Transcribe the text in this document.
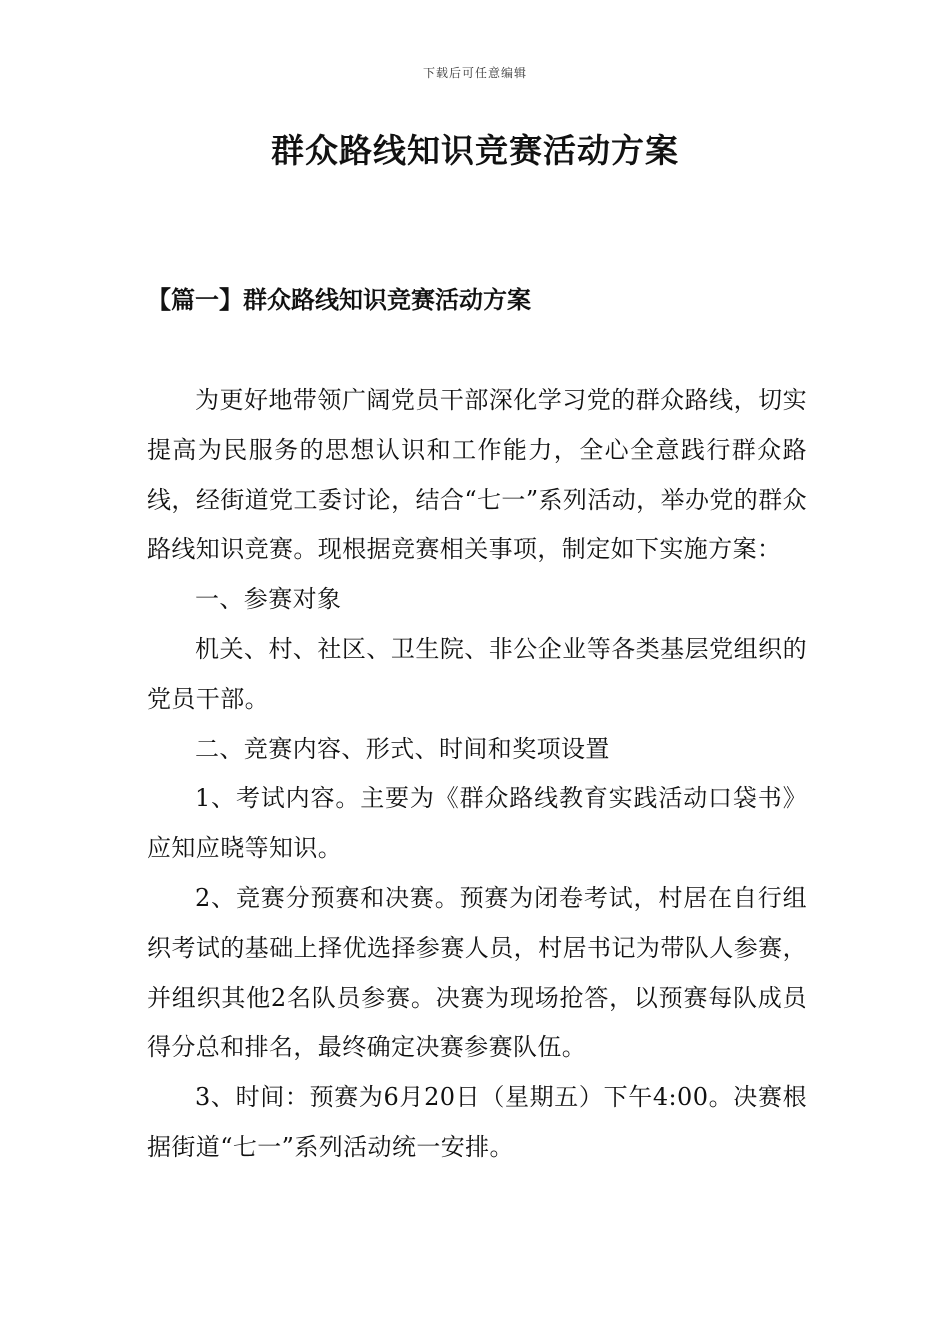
下载后可任意编辑
群众路线知识竞赛活动方案
【篇一】群众路线知识竞赛活动方案

为更好地带领广阔党员干部深化学习党的群众路线，切实提高为民服务的思想认识和工作能力，全心全意践行群众路线，经街道党工委讨论，结合“七一”系列活动，举办党的群众路线知识竞赛。现根据竞赛相关事项，制定如下实施方案：

一、参赛对象

机关、村、社区、卫生院、非公企业等各类基层党组织的党员干部。

二、竞赛内容、形式、时间和奖项设置

1、考试内容。主要为《群众路线教育实践活动口袋书》应知应晓等知识。

2、竞赛分预赛和决赛。预赛为闭卷考试，村居在自行组织考试的基础上择优选择参赛人员，村居书记为带队人参赛，并组织其他2名队员参赛。决赛为现场抢答，以预赛每队成员得分总和排名，最终确定决赛参赛队伍。

3、时间：预赛为6月20日（星期五）下午4:00。决赛根据街道“七一”系列活动统一安排。
